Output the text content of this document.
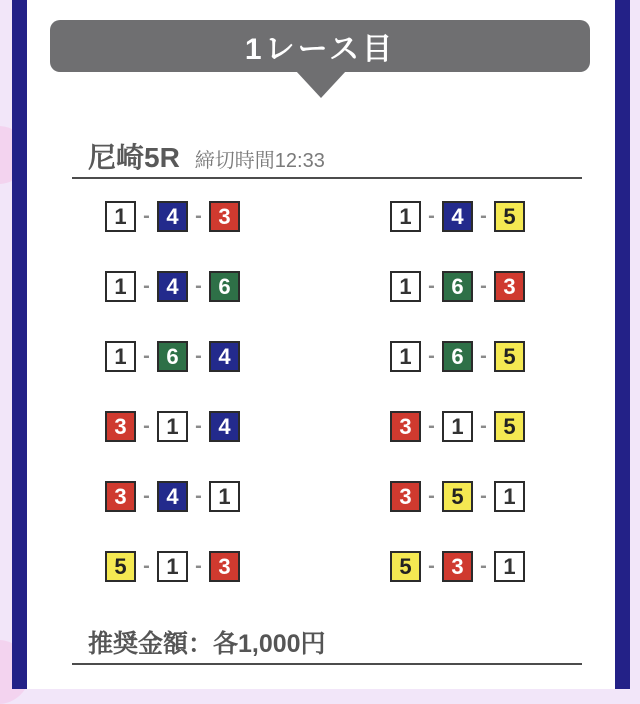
1レース目
尼崎5R 締切時間12:33
1 - 4 - 3
1 - 4 - 6
1 - 6 - 4
3 - 1 - 4
3 - 4 - 1
5 - 1 - 3
1 - 4 - 5
1 - 6 - 3
1 - 6 - 5
3 - 1 - 5
3 - 5 - 1
5 - 3 - 1
推奨金額：各1,000円
